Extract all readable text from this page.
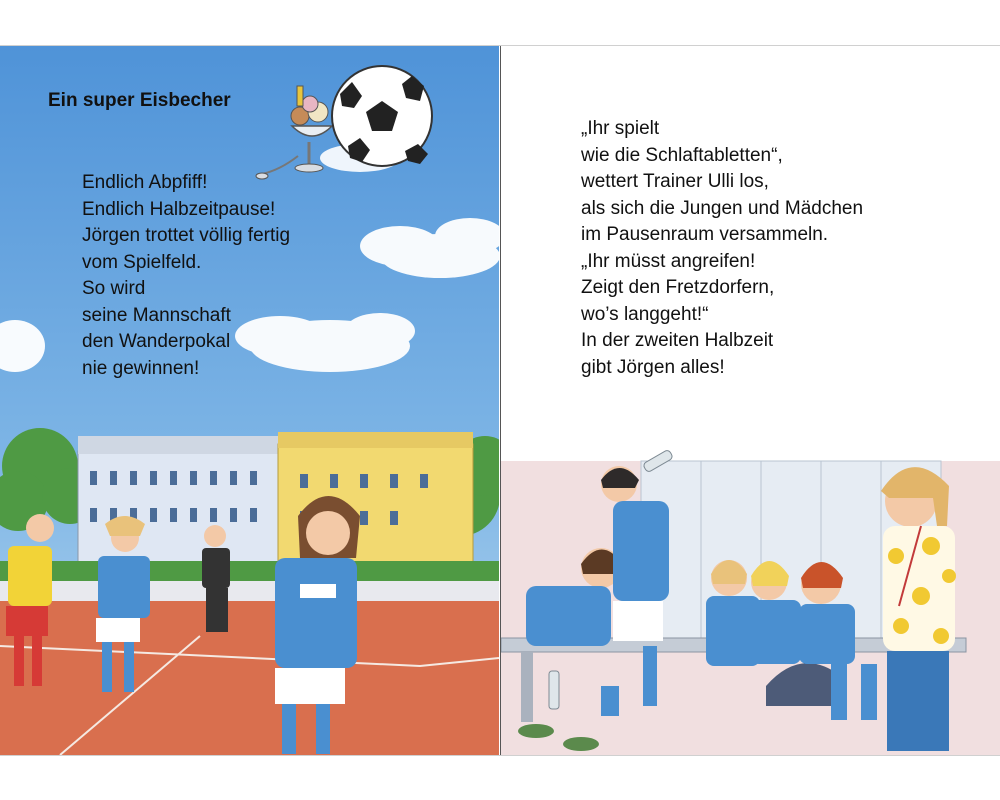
Ein super Eisbecher
Endlich Abpfiff!
Endlich Halbzeitpause!
Jörgen trottet völlig fertig
vom Spielfeld.
So wird
seine Mannschaft
den Wanderpokal
nie gewinnen!
„Ihr spielt
wie die Schlaftabletten“,
wettert Trainer Ulli los,
als sich die Jungen und Mädchen
im Pausenraum versammeln.
„Ihr müsst angreifen!
Zeigt den Fretzdorfern,
wo’s langgeht!“
In der zweiten Halbzeit
gibt Jörgen alles!
